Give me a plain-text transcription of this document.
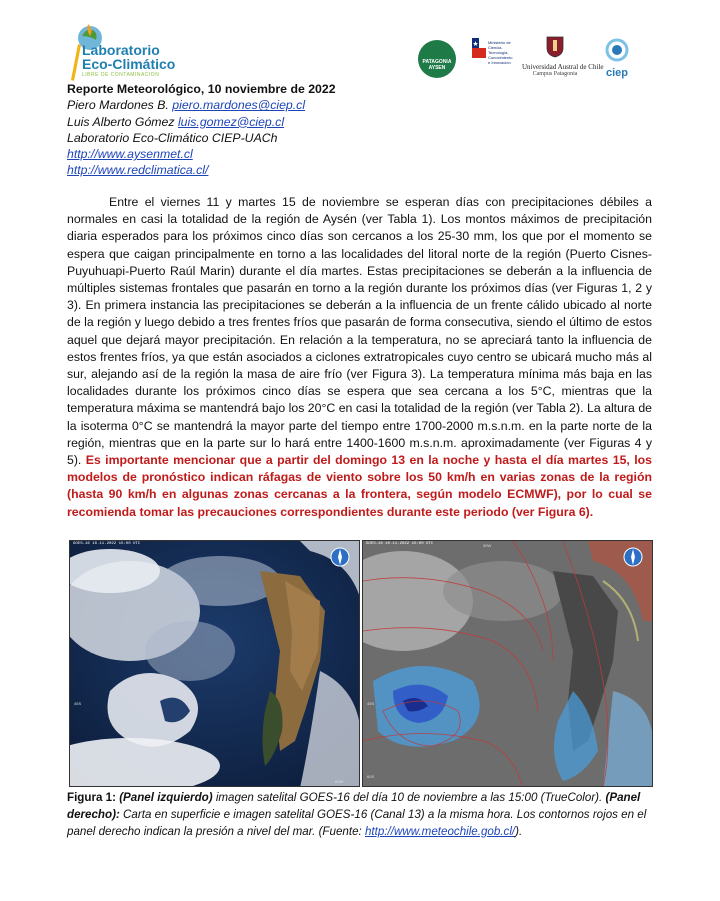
Laboratorio
Eco-Climático
LIBRE DE CONTAMINACION
PATAGONIA AYSEN
Ministerio de Ciencia, Tecnología, Conocimiento e Innovación
Universidad Austral de Chile
Campus Patagonia	ciep
Reporte Meteorológico, 10 noviembre de 2022
Piero Mardones B. piero.mardones@ciep.cl
Luis Alberto Gómez luis.gomez@ciep.cl
Laboratorio Eco-Climático CIEP-UACh
http://www.aysenmet.cl
http://www.redclimatica.cl/
Entre el viernes 11 y martes 15 de noviembre se esperan días con precipitaciones débiles a normales en casi la totalidad de la región de Aysén (ver Tabla 1). Los montos máximos de precipitación diaria esperados para los próximos cinco días son cercanos a los 25-30 mm, los que por el momento se espera que caigan principalmente en torno a las localidades del litoral norte de la región (Puerto Cisnes-Puyuhuapi-Puerto Raúl Marin) durante el día martes. Estas precipitaciones se deberán a la influencia de múltiples sistemas frontales que pasarán en torno a la región durante los próximos días (ver Figuras 1, 2 y 3). En primera instancia las precipitaciones se deberán a la influencia de un frente cálido ubicado al norte de la región y luego debido a tres frentes fríos que pasarán de forma consecutiva, siendo el último de estos aquel que dejará mayor precipitación. En relación a la temperatura, no se apreciará tanto la influencia de estos frentes fríos, ya que están asociados a ciclones extratropicales cuyo centro se ubicará mucho más al sur, alejando así de la región la masa de aire frío (ver Figura 3). La temperatura mínima más baja en las localidades durante los próximos cinco días se espera que sea cercana a los 5°C, mientras que la temperatura máxima se mantendrá bajo los 20°C en casi la totalidad de la región (ver Tabla 2). La altura de la isoterma 0°C se mantendrá la mayor parte del tiempo entre 1700-2000 m.s.n.m. en la parte norte de la región, mientras que en la parte sur lo hará entre 1400-1600 m.s.n.m. aproximadamente (ver Figuras 4 y 5). Es importante mencionar que a partir del domingo 13 en la noche y hasta el día martes 15, los modelos de pronóstico indican ráfagas de viento sobre los 50 km/h en varias zonas de la región (hasta 90 km/h en algunas zonas cercanas a la frontera, según modelo ECMWF), por lo cual se recomienda tomar las precauciones correspondientes durante este periodo (ver Figura 6).
GOES-16 10.11.2022 15:00 UTC
45S
60S
105W	60W
GOES-16 10.11.2022 15:00 UTC
45S
60S
90W
Figura 1: (Panel izquierdo) imagen satelital GOES-16 del día 10 de noviembre a las 15:00 (TrueColor). (Panel derecho): Carta en superficie e imagen satelital GOES-16 (Canal 13) a la misma hora. Los contornos rojos en el panel derecho indican la presión a nivel del mar. (Fuente: http://www.meteochile.gob.cl/).
